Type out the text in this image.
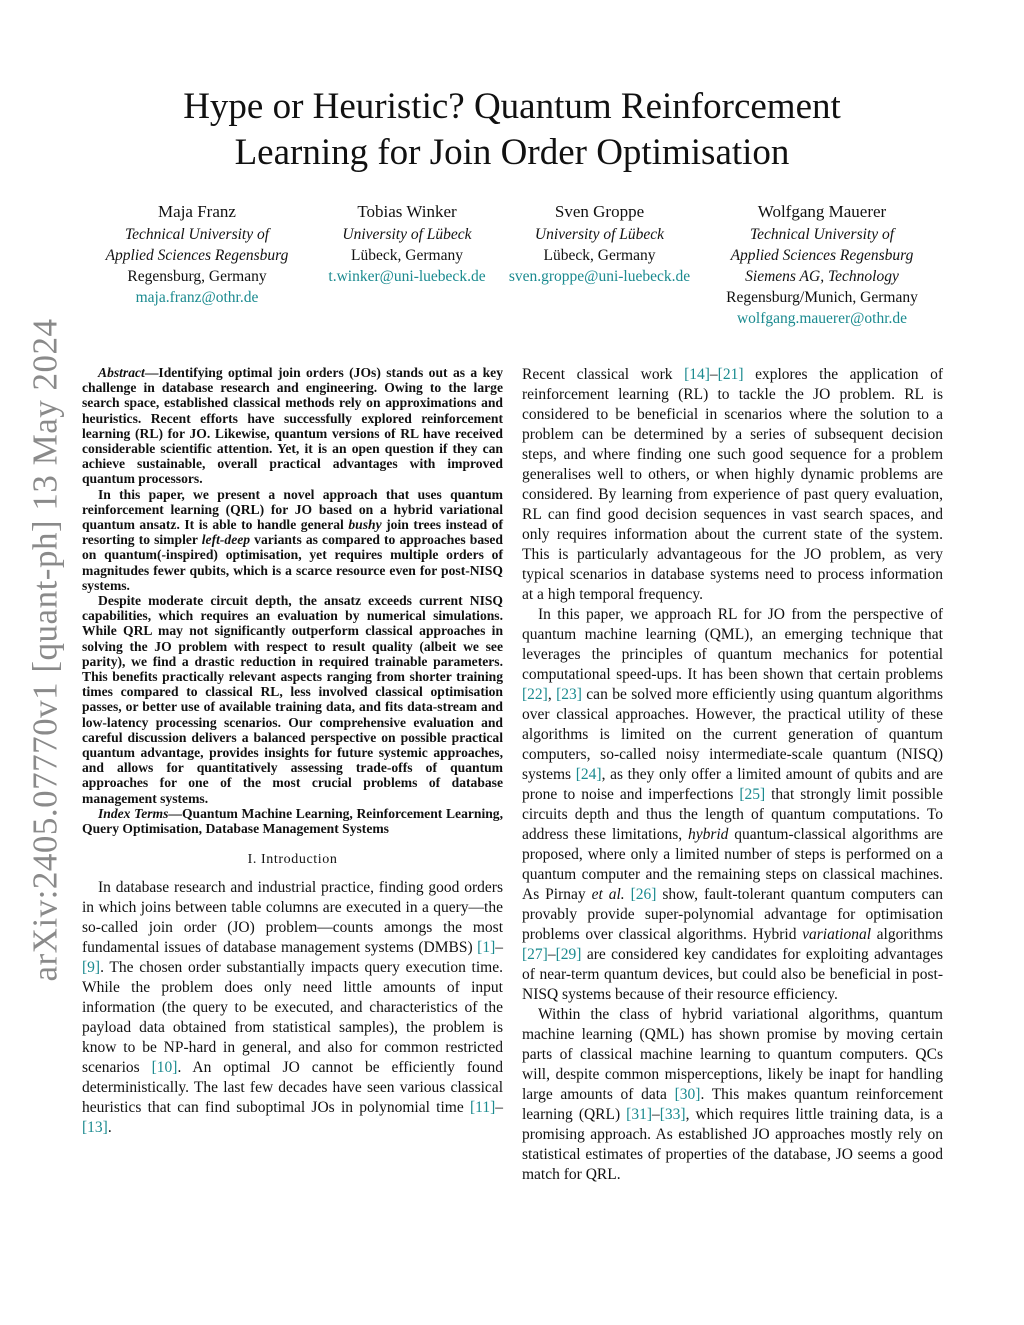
arXiv:2405.07770v1 [quant-ph] 13 May 2024
Hype or Heuristic? Quantum Reinforcement
Learning for Join Order Optimisation
Maja Franz
Technical University of
Applied Sciences Regensburg
Regensburg, Germany
maja.franz@othr.de
Tobias Winker
University of Lübeck
Lübeck, Germany
t.winker@uni-luebeck.de
Sven Groppe
University of Lübeck
Lübeck, Germany
sven.groppe@uni-luebeck.de
Wolfgang Mauerer
Technical University of
Applied Sciences Regensburg
Siemens AG, Technology
Regensburg/Munich, Germany
wolfgang.mauerer@othr.de

Abstract—Identifying optimal join orders (JOs) stands out as a key challenge in database research and engineering. Owing to the large search space, established classical methods rely on approximations and heuristics. Recent efforts have successfully explored reinforcement learning (RL) for JO. Likewise, quantum versions of RL have received considerable scientific attention. Yet, it is an open question if they can achieve sustainable, overall practical advantages with improved quantum processors.

In this paper, we present a novel approach that uses quantum reinforcement learning (QRL) for JO based on a hybrid variational quantum ansatz. It is able to handle general bushy join trees instead of resorting to simpler left-deep variants as compared to approaches based on quantum(-inspired) optimisation, yet requires multiple orders of magnitudes fewer qubits, which is a scarce resource even for post-NISQ systems.

Despite moderate circuit depth, the ansatz exceeds current NISQ capabilities, which requires an evaluation by numerical simulations. While QRL may not significantly outperform classical approaches in solving the JO problem with respect to result quality (albeit we see parity), we find a drastic reduction in required trainable parameters. This benefits practically relevant aspects ranging from shorter training times compared to classical RL, less involved classical optimisation passes, or better use of available training data, and fits data-stream and low-latency processing scenarios. Our comprehensive evaluation and careful discussion delivers a balanced perspective on possible practical quantum advantage, provides insights for future systemic approaches, and allows for quantitatively assessing trade-offs of quantum approaches for one of the most crucial problems of database management systems.

Index Terms—Quantum Machine Learning, Reinforcement Learning, Query Optimisation, Database Management Systems

I. Introduction

In database research and industrial practice, finding good orders in which joins between table columns are executed in a query—the so-called join order (JO) problem—counts amongs the most fundamental issues of database management systems (DMBS) [1]–[9]. The chosen order substantially impacts query execution time. While the problem does only need little amounts of input information (the query to be executed, and characteristics of the payload data obtained from statistical samples), the problem is know to be NP-hard in general, and also for common restricted scenarios [10]. An optimal JO cannot be efficiently found deterministically. The last few decades have seen various classical heuristics that can find suboptimal JOs in polynomial time [11]–[13].

Recent classical work [14]–[21] explores the application of reinforcement learning (RL) to tackle the JO problem. RL is considered to be beneficial in scenarios where the solution to a problem can be determined by a series of subsequent decision steps, and where finding one such good sequence for a problem generalises well to others, or when highly dynamic problems are considered. By learning from experience of past query evaluation, RL can find good decision sequences in vast search spaces, and only requires information about the current state of the system. This is particularly advantageous for the JO problem, as very typical scenarios in database systems need to process information at a high temporal frequency.

In this paper, we approach RL for JO from the perspective of quantum machine learning (QML), an emerging technique that leverages the principles of quantum mechanics for potential computational speed-ups. It has been shown that certain problems [22], [23] can be solved more efficiently using quantum algorithms over classical approaches. However, the practical utility of these algorithms is limited on the current generation of quantum computers, so-called noisy intermediate-scale quantum (NISQ) systems [24], as they only offer a limited amount of qubits and are prone to noise and imperfections [25] that strongly limit possible circuits depth and thus the length of quantum computations. To address these limitations, hybrid quantum-classical algorithms are proposed, where only a limited number of steps is performed on a quantum computer and the remaining steps on classical machines. As Pirnay et al. [26] show, fault-tolerant quantum computers can provably provide super-polynomial advantage for optimisation problems over classical algorithms. Hybrid variational algorithms [27]–[29] are considered key candidates for exploiting advantages of near-term quantum devices, but could also be beneficial in post-NISQ systems because of their resource efficiency.

Within the class of hybrid variational algorithms, quantum machine learning (QML) has shown promise by moving certain parts of classical machine learning to quantum computers. QCs will, despite common misperceptions, likely be inapt for handling large amounts of data [30]. This makes quantum reinforcement learning (QRL) [31]–[33], which requires little training data, is a promising approach. As established JO approaches mostly rely on statistical estimates of properties of the database, JO seems a good match for QRL.
